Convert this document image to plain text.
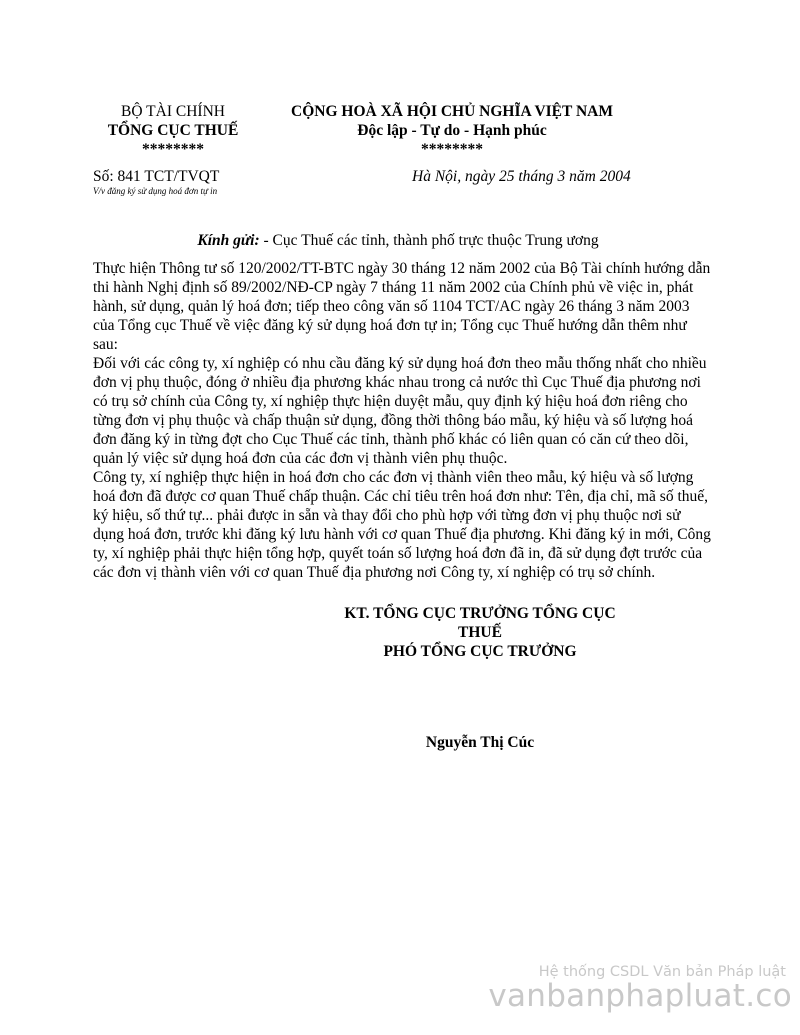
BỘ TÀI CHÍNH
TỔNG CỤC THUẾ
********
CỘNG HOÀ XÃ HỘI CHỦ NGHĨA VIỆT NAM
Độc lập - Tự do - Hạnh phúc
********
Số: 841 TCT/TVQT
V/v đăng ký sử dụng hoá đơn tự in
Hà Nội, ngày 25 tháng 3 năm 2004
Kính gửi: - Cục Thuế các tỉnh, thành phố trực thuộc Trung ương

Thực hiện Thông tư số 120/2002/TT-BTC ngày 30 tháng 12 năm 2002 của Bộ Tài chính hướng dẫn thi hành Nghị định số 89/2002/NĐ-CP ngày 7 tháng 11 năm 2002 của Chính phủ về việc in, phát hành, sử dụng, quản lý hoá đơn; tiếp theo công văn số 1104 TCT/AC ngày 26 tháng 3 năm 2003 của Tổng cục Thuế về việc đăng ký sử dụng hoá đơn tự in; Tổng cục Thuế hướng dẫn thêm như sau:

Đối với các công ty, xí nghiệp có nhu cầu đăng ký sử dụng hoá đơn theo mẫu thống nhất cho nhiều đơn vị phụ thuộc, đóng ở nhiều địa phương khác nhau trong cả nước thì Cục Thuế địa phương nơi có trụ sở chính của Công ty, xí nghiệp thực hiện duyệt mẫu, quy định ký hiệu hoá đơn riêng cho từng đơn vị phụ thuộc và chấp thuận sử dụng, đồng thời thông báo mẫu, ký hiệu và số lượng hoá đơn đăng ký in từng đợt cho Cục Thuế các tỉnh, thành phố khác có liên quan có căn cứ theo dõi, quản lý việc sử dụng hoá đơn của các đơn vị thành viên phụ thuộc.

Công ty, xí nghiệp thực hiện in hoá đơn cho các đơn vị thành viên theo mẫu, ký hiệu và số lượng hoá đơn đã được cơ quan Thuế chấp thuận. Các chỉ tiêu trên hoá đơn như: Tên, địa chỉ, mã số thuế, ký hiệu, số thứ tự... phải được in sẵn và thay đổi cho phù hợp với từng đơn vị phụ thuộc nơi sử dụng hoá đơn, trước khi đăng ký lưu hành với cơ quan Thuế địa phương. Khi đăng ký in mới, Công ty, xí nghiệp phải thực hiện tổng hợp, quyết toán số lượng hoá đơn đã in, đã sử dụng đợt trước của các đơn vị thành viên với cơ quan Thuế địa phương nơi Công ty, xí nghiệp có trụ sở chính.

KT. TỔNG CỤC TRƯỞNG TỔNG CỤC
THUẾ
PHÓ TỔNG CỤC TRƯỞNG
Nguyễn Thị Cúc
Hệ thống CSDL Văn bản Pháp luật
vanbanphapluat.co
